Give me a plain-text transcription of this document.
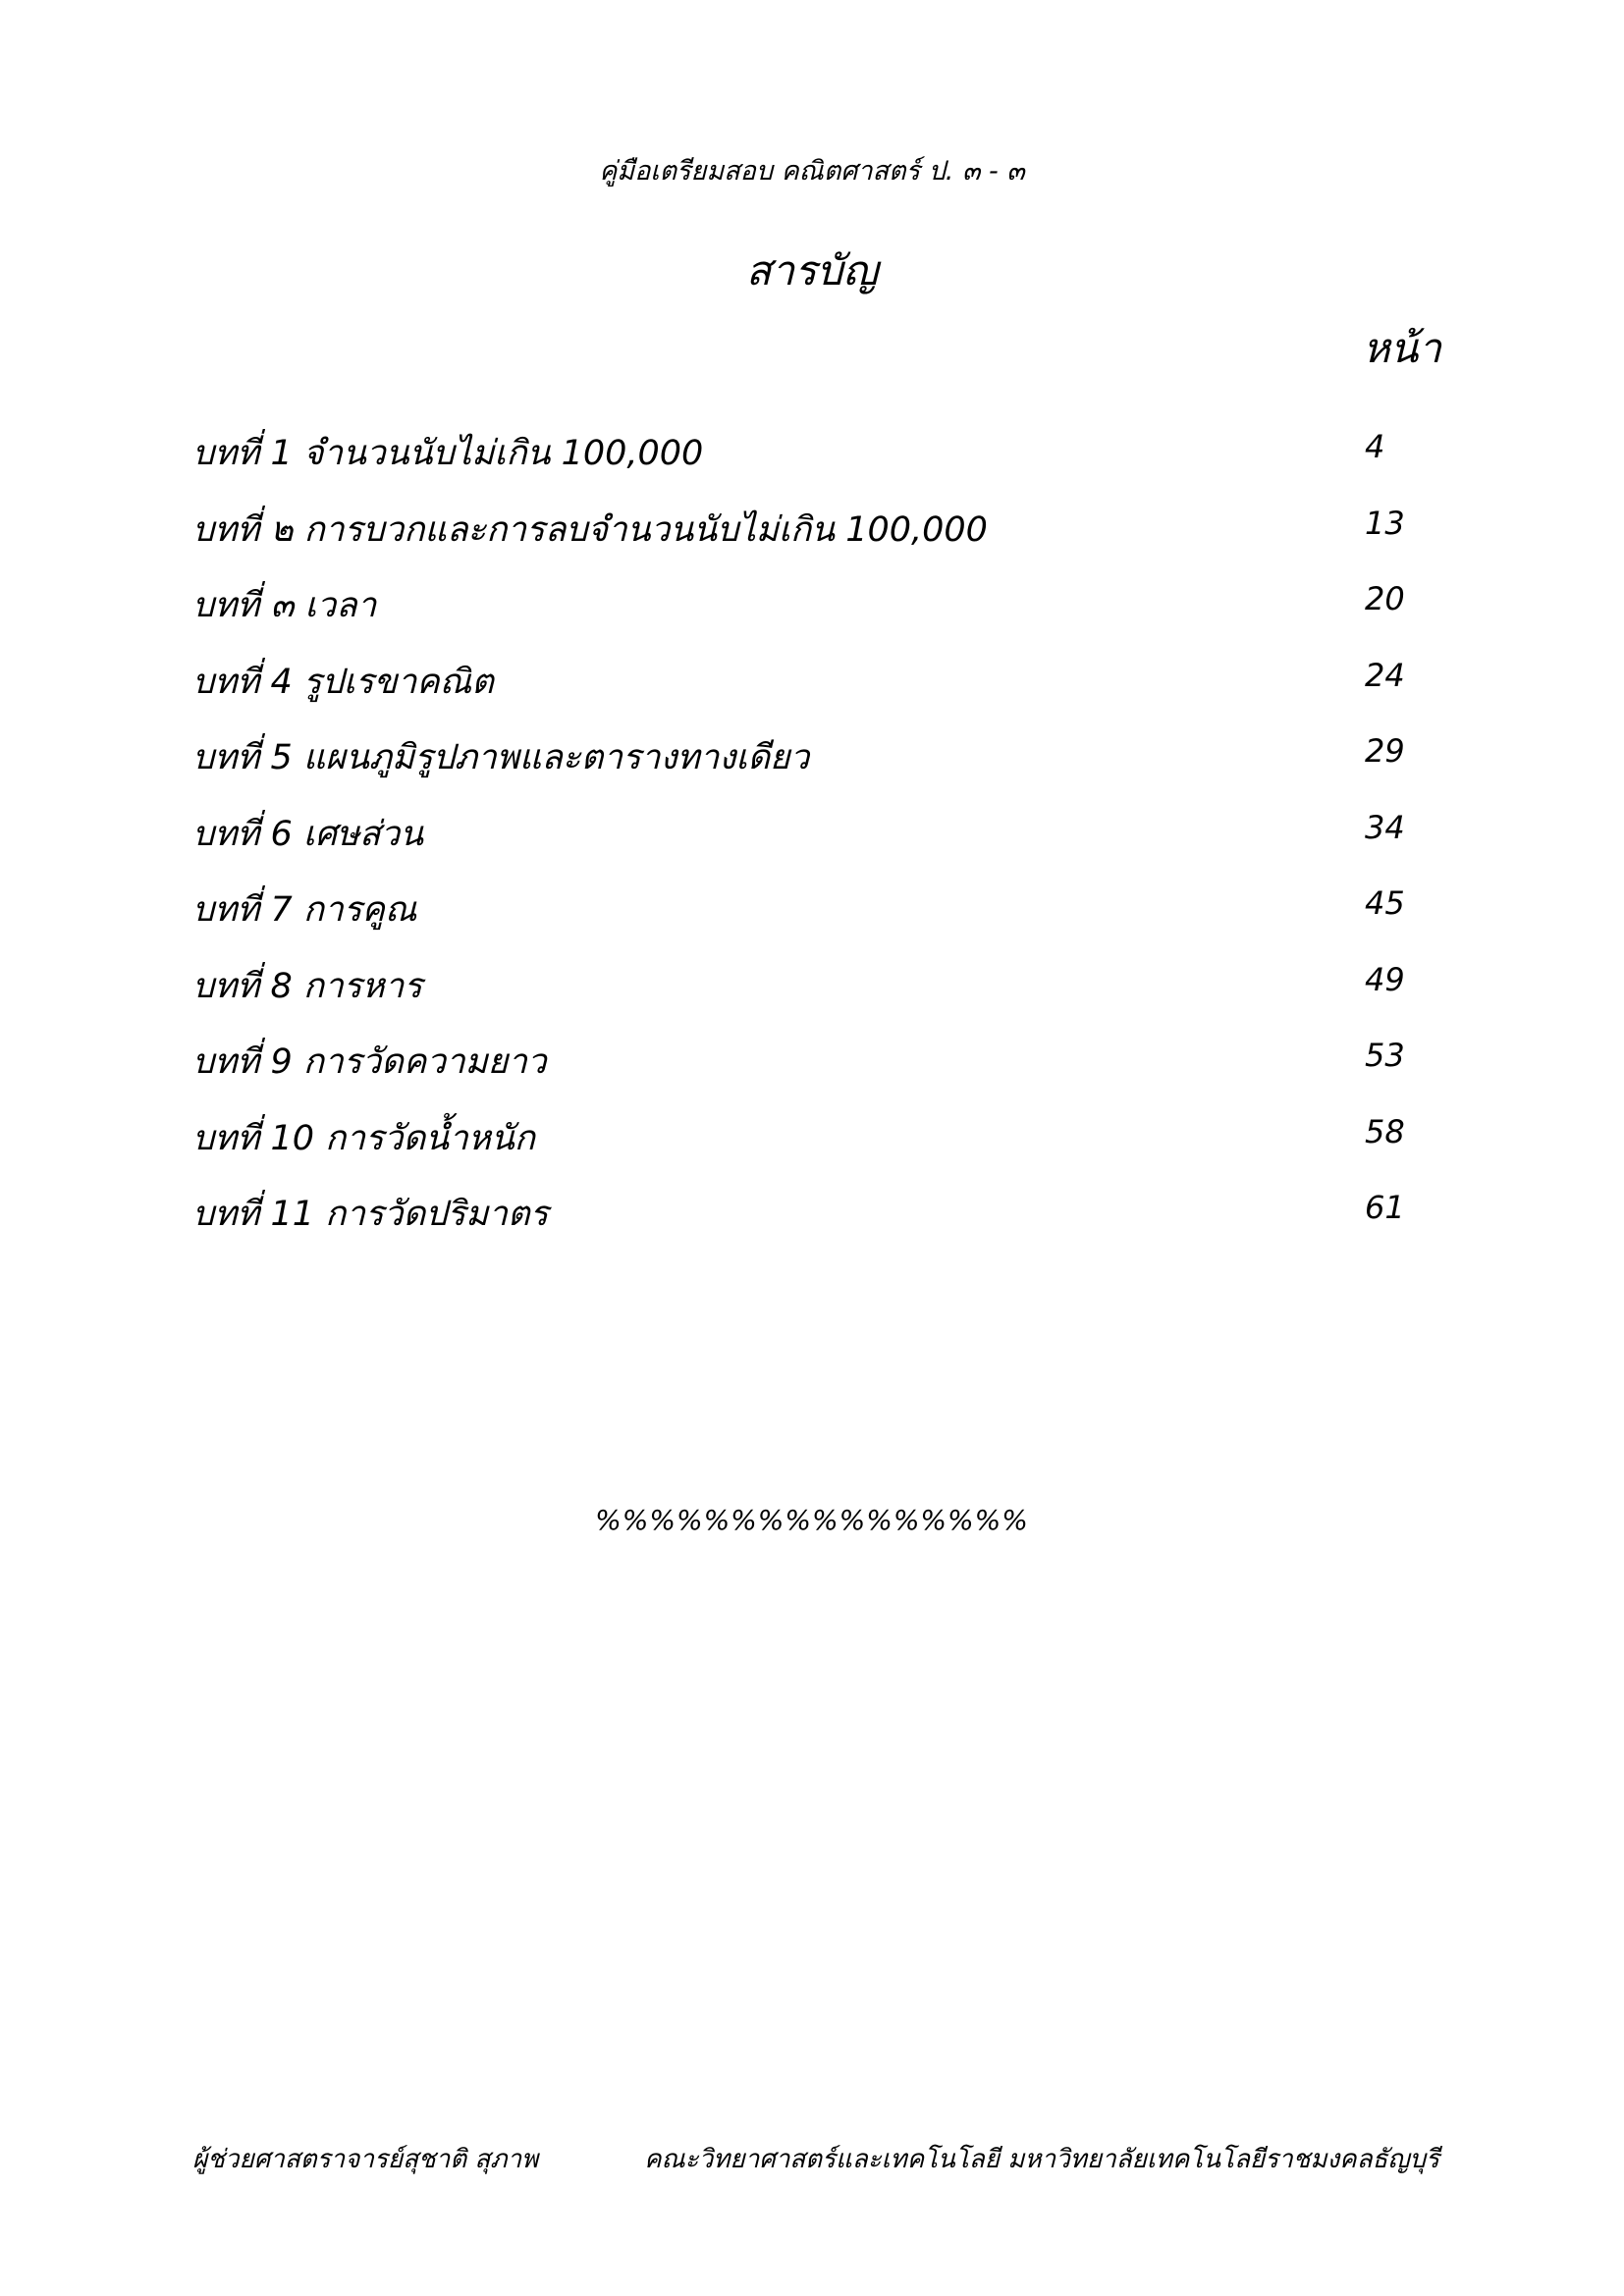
คู่มือเตรียมสอบ คณิตศาสตร์ ป. ๓ - ๓
สารบัญ
หน้า
บทที่ 1 จำนวนนับไม่เกิน 100,000	4
บทที่ ๒ การบวกและการลบจำนวนนับไม่เกิน 100,000	13
บทที่ ๓ เวลา	20
บทที่ 4 รูปเรขาคณิต	24
บทที่ 5 แผนภูมิรูปภาพและตารางทางเดียว	29
บทที่ 6 เศษส่วน	34
บทที่ 7 การคูณ	45
บทที่ 8 การหาร	49
บทที่ 9 การวัดความยาว	53
บทที่ 10 การวัดน้ำหนัก	58
บทที่ 11 การวัดปริมาตร	61
%%%%%%%%%%%%%%%%
ผู้ช่วยศาสตราจารย์สุชาติ สุภาพ	คณะวิทยาศาสตร์และเทคโนโลยี มหาวิทยาลัยเทคโนโลยีราชมงคลธัญบุรี
